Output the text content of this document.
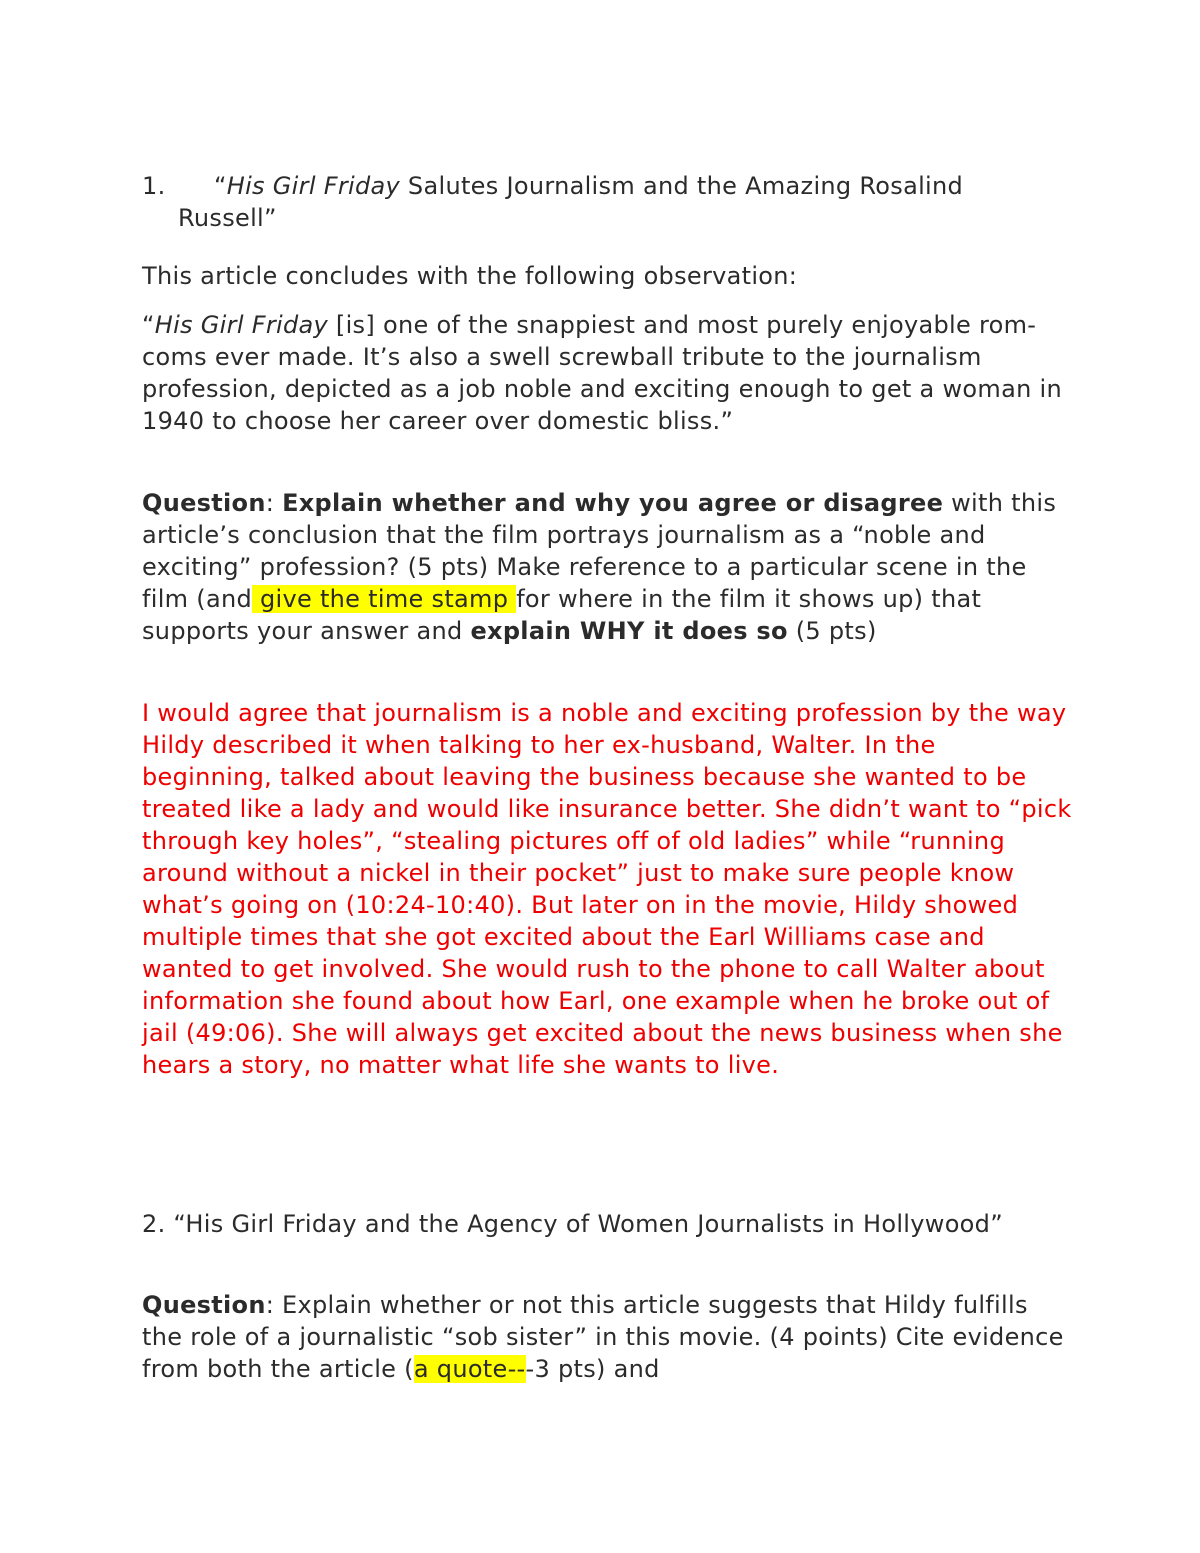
1.	“His Girl Friday Salutes Journalism and the Amazing Rosalind
Russell”

This article concludes with the following observation:

“His Girl Friday [is] one of the snappiest and most purely enjoyable rom-coms ever made. It’s also a swell screwball tribute to the journalism profession, depicted as a job noble and exciting enough to get a woman in 1940 to choose her career over domestic bliss.”

Question: Explain whether and why you agree or disagree with this article’s conclusion that the film portrays journalism as a “noble and exciting” profession? (5 pts) Make reference to a particular scene in the film (and give the time stamp for where in the film it shows up) that supports your answer and explain WHY it does so (5 pts)

I would agree that journalism is a noble and exciting profession by the way Hildy described it when talking to her ex-husband, Walter. In the beginning, talked about leaving the business because she wanted to be treated like a lady and would like insurance better. She didn’t want to “pick through key holes”, “stealing pictures off of old ladies” while “running around without a nickel in their pocket” just to make sure people know what’s going on (10:24-10:40). But later on in the movie, Hildy showed multiple times that she got excited about the Earl Williams case and wanted to get involved. She would rush to the phone to call Walter about information she found about how Earl, one example when he broke out of jail (49:06). She will always get excited about the news business when she hears a story, no matter what life she wants to live.

2. “His Girl Friday and the Agency of Women Journalists in Hollywood”

Question: Explain whether or not this article suggests that Hildy fulfills the role of a journalistic “sob sister” in this movie. (4 points) Cite evidence from both the article (a quote---3 pts) and
